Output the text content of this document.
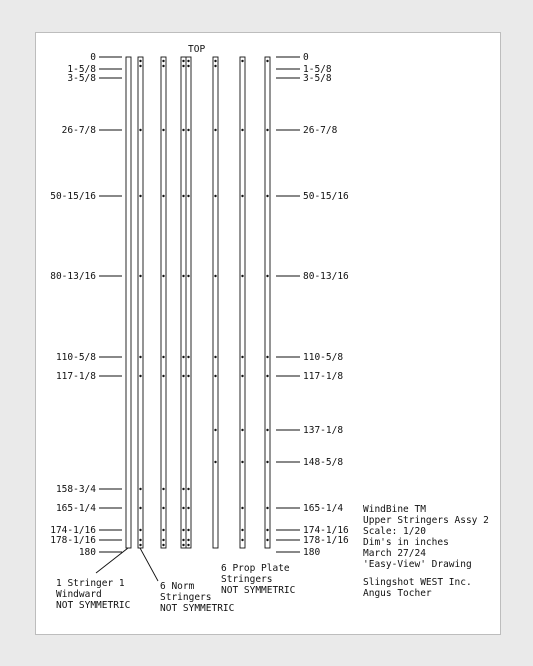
TOP
0
1-5/8
3-5/8
26-7/8
50-15/16
80-13/16
110-5/8
117-1/8
158-3/4
165-1/4
174-1/16
178-1/16
180
0
1-5/8
3-5/8
26-7/8
50-15/16
80-13/16
110-5/8
117-1/8
137-1/8
148-5/8
165-1/4
174-1/16
178-1/16
180
1 Stringer 1
Windward
NOT SYMMETRIC
6 Norm
Stringers
NOT SYMMETRIC
6 Prop Plate
Stringers
NOT SYMMETRIC
WindBine TM
Upper Stringers Assy 2
Scale: 1/20
Dim's in inches
March 27/24
'Easy-View' Drawing
Slingshot WEST Inc.
Angus Tocher
